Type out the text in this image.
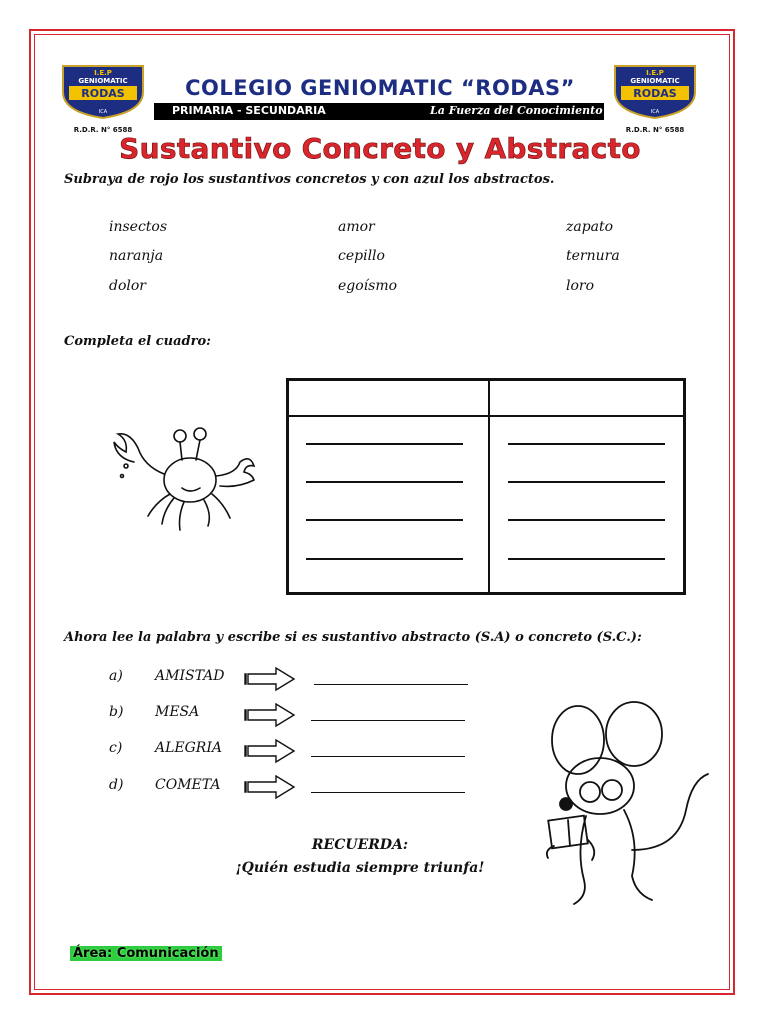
I.E.P
GENIOMATIC
RODAS
ICA
R.D.R. N° 6588
I.E.P
GENIOMATIC
RODAS
ICA
R.D.R. N° 6588
COLEGIO GENIOMATIC “RODAS”
PRIMARIA - SECUNDARIA	La Fuerza del Conocimiento
Sustantivo Concreto y Abstracto
Subraya de rojo los sustantivos concretos y con azul los abstractos.
insectos	amor	zapato
naranja	cepillo	ternura
dolor	egoísmo	loro
Completa el cuadro:
Ahora lee la palabra y escribe si es sustantivo abstracto (S.A) o concreto (S.C.):
a) AMISTAD
b) MESA
c) ALEGRIA
d) COMETA
RECUERDA:
¡Quién estudia siempre triunfa!
Área: Comunicación
